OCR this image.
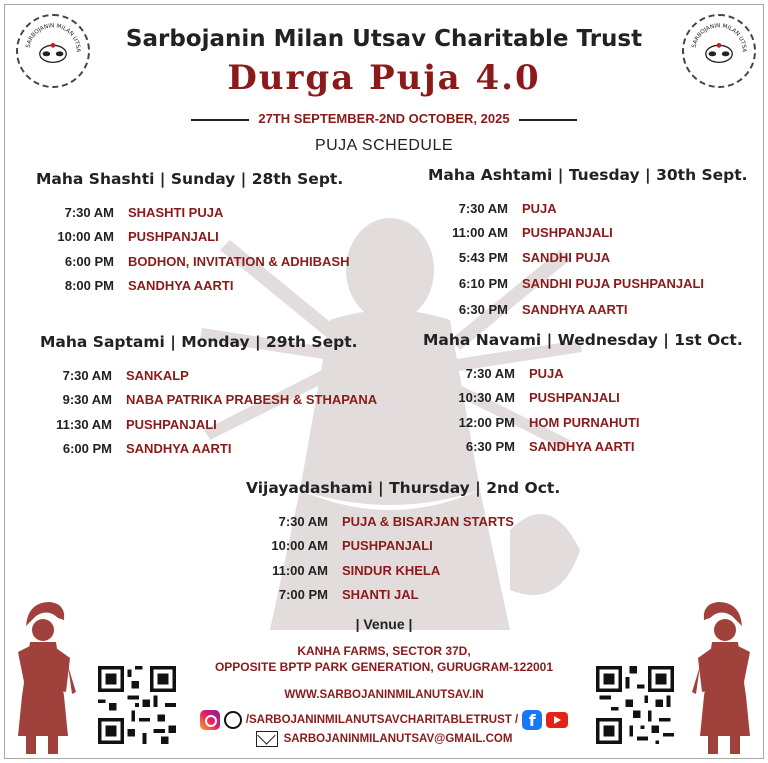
SARBOJANIN MILAN UTSA
SARBOJANIN MILAN UTSA
Sarbojanin Milan Utsav Charitable Trust
Durga Puja 4.0
27TH SEPTEMBER-2ND OCTOBER, 2025
PUJA SCHEDULE
Maha Shashti | Sunday | 28th Sept.
7:30 AM SHASHTI PUJA
10:00 AM PUSHPANJALI
6:00 PM BODHON, INVITATION & ADHIBASH
8:00 PM SANDHYA AARTI
Maha Ashtami | Tuesday | 30th Sept.
7:30 AM PUJA
11:00 AM PUSHPANJALI
5:43 PM SANDHI PUJA
6:10 PM SANDHI PUJA PUSHPANJALI
6:30 PM SANDHYA AARTI
Maha Saptami | Monday | 29th Sept.
7:30 AM SANKALP
9:30 AM NABA PATRIKA PRABESH & STHAPANA
11:30 AM PUSHPANJALI
6:00 PM SANDHYA AARTI
Maha Navami | Wednesday | 1st Oct.
7:30 AM PUJA
10:30 AM PUSHPANJALI
12:00 PM HOM PURNAHUTI
6:30 PM SANDHYA AARTI
Vijayadashami | Thursday | 2nd Oct.
7:30 AM PUJA & BISARJAN STARTS
10:00 AM PUSHPANJALI
11:00 AM SINDUR KHELA
7:00 PM SHANTI JAL
| Venue |
KANHA FARMS, SECTOR 37D,
OPPOSITE BPTP PARK GENERATION, GURUGRAM-122001
WWW.SARBOJANINMILANUTSAV.IN
/SARBOJANINMILANUTSAVCHARITABLETRUST / f
SARBOJANINMILANUTSAV@GMAIL.COM
